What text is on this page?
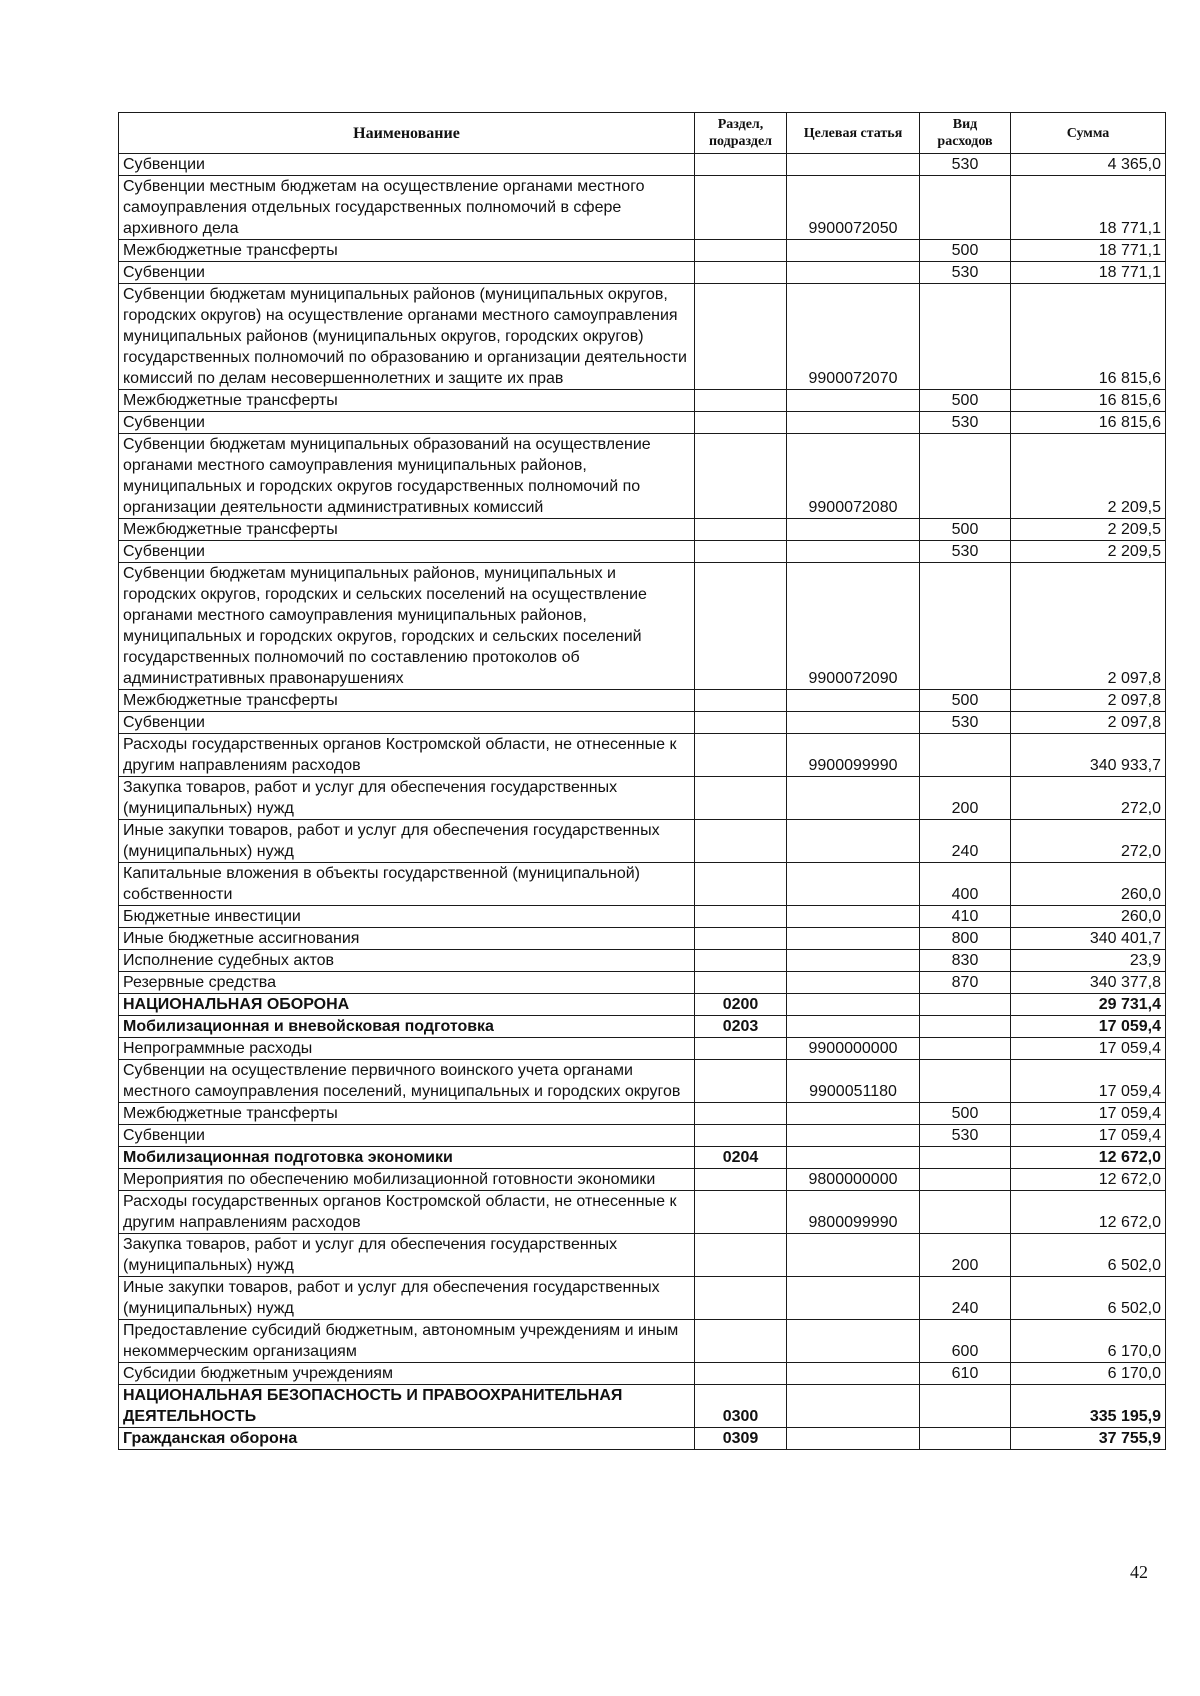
Наименование	Раздел, подраздел	Целевая статья	Вид расходов	Сумма
Субвенции			530	4 365,0
Субвенции местным бюджетам на осуществление органами местного самоуправления отдельных государственных полномочий в сфере архивного дела		9900072050		18 771,1
Межбюджетные трансферты			500	18 771,1
Субвенции			530	18 771,1
Субвенции бюджетам муниципальных районов (муниципальных округов, городских округов) на осуществление органами местного самоуправления муниципальных районов (муниципальных округов, городских округов) государственных полномочий по образованию и организации деятельности комиссий по делам несовершеннолетних и защите их прав		9900072070		16 815,6
Межбюджетные трансферты			500	16 815,6
Субвенции			530	16 815,6
Субвенции бюджетам муниципальных образований на осуществление органами местного самоуправления муниципальных районов, муниципальных и городских округов государственных полномочий по организации деятельности административных комиссий		9900072080		2 209,5
Межбюджетные трансферты			500	2 209,5
Субвенции			530	2 209,5
Субвенции бюджетам муниципальных районов, муниципальных и городских округов, городских и сельских поселений на осуществление органами местного самоуправления муниципальных районов, муниципальных и городских округов, городских и сельских поселений государственных полномочий по составлению протоколов об административных правонарушениях		9900072090		2 097,8
Межбюджетные трансферты			500	2 097,8
Субвенции			530	2 097,8
Расходы государственных органов Костромской области, не отнесенные к другим направлениям расходов		9900099990		340 933,7
Закупка товаров, работ и услуг для обеспечения государственных (муниципальных) нужд			200	272,0
Иные закупки товаров, работ и услуг для обеспечения государственных (муниципальных) нужд			240	272,0
Капитальные вложения в объекты государственной (муниципальной) собственности			400	260,0
Бюджетные инвестиции			410	260,0
Иные бюджетные ассигнования			800	340 401,7
Исполнение судебных актов			830	23,9
Резервные средства			870	340 377,8
НАЦИОНАЛЬНАЯ ОБОРОНА	0200			29 731,4
Мобилизационная и вневойсковая подготовка	0203			17 059,4
Непрограммные расходы		9900000000		17 059,4
Субвенции на осуществление первичного воинского учета органами местного самоуправления поселений, муниципальных и городских округов		9900051180		17 059,4
Межбюджетные трансферты			500	17 059,4
Субвенции			530	17 059,4
Мобилизационная подготовка экономики	0204			12 672,0
Мероприятия по обеспечению мобилизационной готовности экономики		9800000000		12 672,0
Расходы государственных органов Костромской области, не отнесенные к другим направлениям расходов		9800099990		12 672,0
Закупка товаров, работ и услуг для обеспечения государственных (муниципальных) нужд			200	6 502,0
Иные закупки товаров, работ и услуг для обеспечения государственных (муниципальных) нужд			240	6 502,0
Предоставление субсидий бюджетным, автономным учреждениям и иным некоммерческим организациям			600	6 170,0
Субсидии бюджетным учреждениям			610	6 170,0
НАЦИОНАЛЬНАЯ БЕЗОПАСНОСТЬ И ПРАВООХРАНИТЕЛЬНАЯ ДЕЯТЕЛЬНОСТЬ	0300			335 195,9
Гражданская оборона	0309			37 755,9
42
